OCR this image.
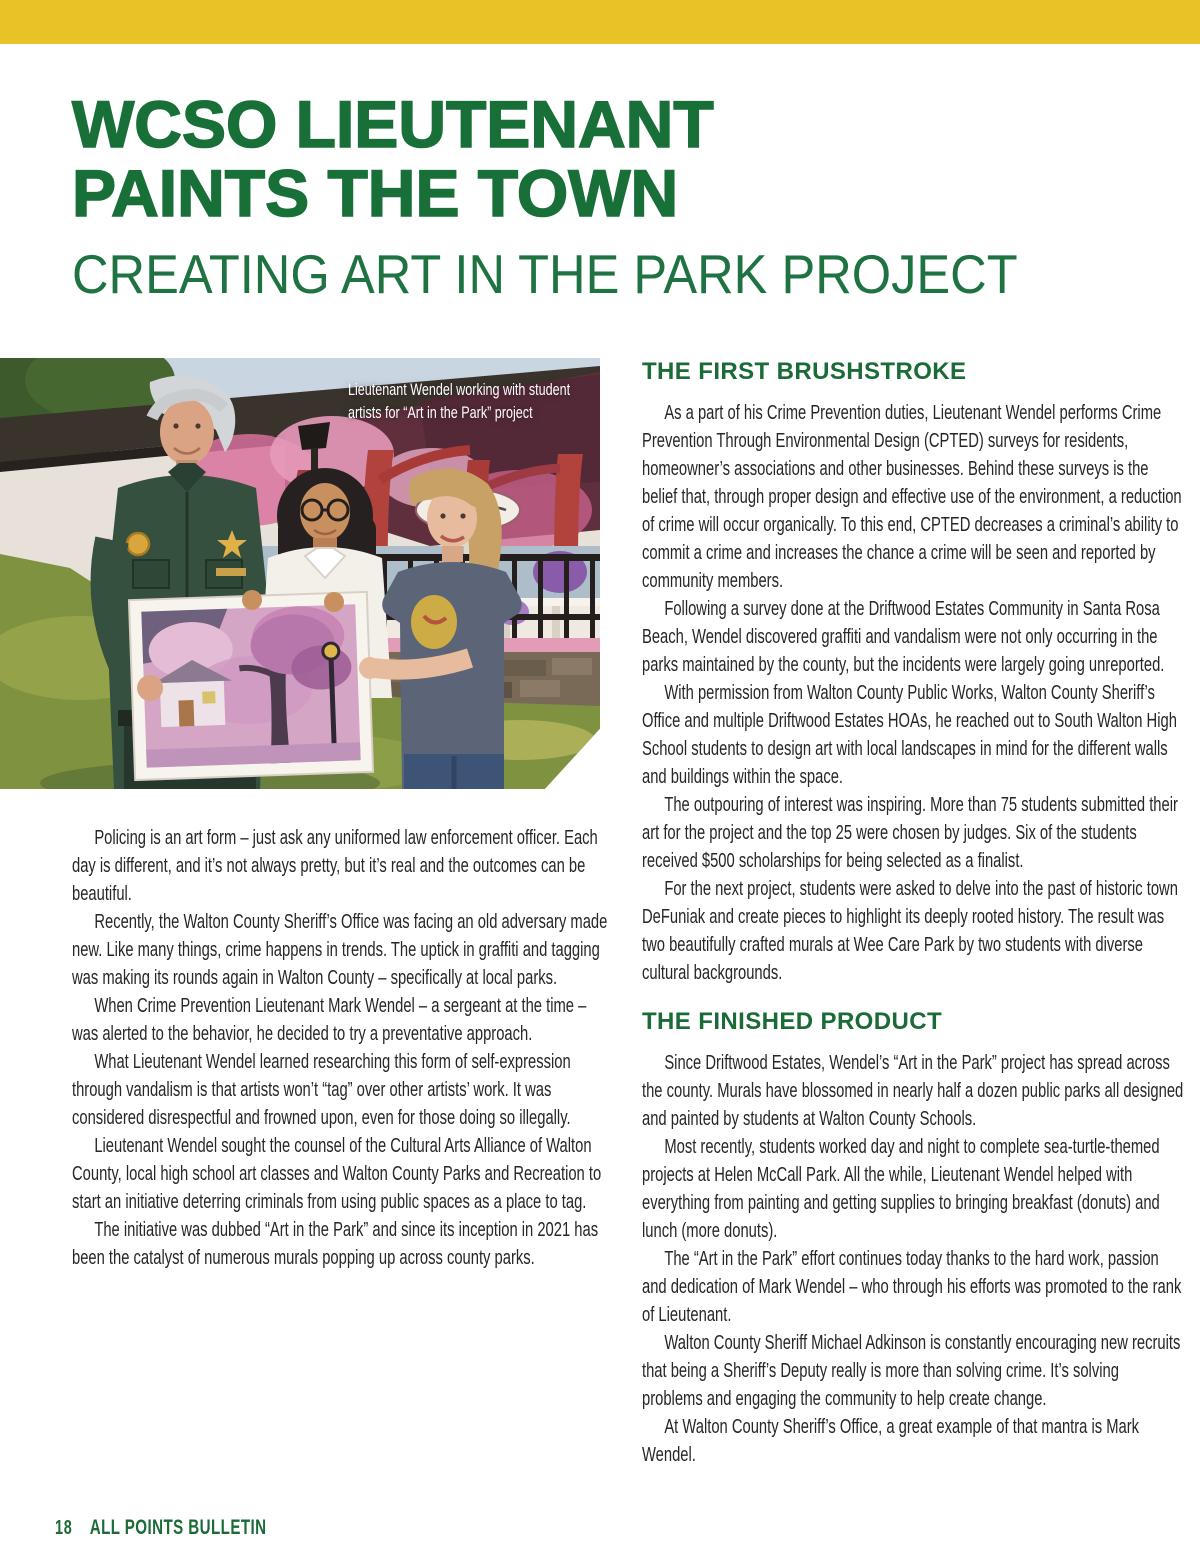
WCSO LIEUTENANT
PAINTS THE TOWN
CREATING ART IN THE PARK PROJECT
Lieutenant Wendel working with student
artists for “Art in the Park” project

Policing is an art form – just ask any uniformed law enforcement officer. Each day is different, and it’s not always pretty, but it’s real and the outcomes can be beautiful.

Recently, the Walton County Sheriff’s Office was facing an old adversary made new. Like many things, crime happens in trends. The uptick in graffiti and tagging was making its rounds again in Walton County – specifically at local parks.

When Crime Prevention Lieutenant Mark Wendel – a sergeant at the time – was alerted to the behavior, he decided to try a preventative approach.

What Lieutenant Wendel learned researching this form of self-expression through vandalism is that artists won’t “tag” over other artists’ work. It was considered disrespectful and frowned upon, even for those doing so illegally.

Lieutenant Wendel sought the counsel of the Cultural Arts Alliance of Walton County, local high school art classes and Walton County Parks and Recreation to start an initiative deterring criminals from using public spaces as a place to tag.

The initiative was dubbed “Art in the Park” and since its inception in 2021 has been the catalyst of numerous murals popping up across county parks.

THE FIRST BRUSHSTROKE

As a part of his Crime Prevention duties, Lieutenant Wendel performs Crime Prevention Through Environmental Design (CPTED) surveys for residents, homeowner’s associations and other businesses. Behind these surveys is the belief that, through proper design and effective use of the environment, a reduction of crime will occur organically. To this end, CPTED decreases a criminal’s ability to commit a crime and increases the chance a crime will be seen and reported by community members.

Following a survey done at the Driftwood Estates Community in Santa Rosa Beach, Wendel discovered graffiti and vandalism were not only occurring in the parks maintained by the county, but the incidents were largely going unreported.

With permission from Walton County Public Works, Walton County Sheriff’s Office and multiple Driftwood Estates HOAs, he reached out to South Walton High School students to design art with local landscapes in mind for the different walls and buildings within the space.

The outpouring of interest was inspiring. More than 75 students submitted their art for the project and the top 25 were chosen by judges. Six of the students received $500 scholarships for being selected as a finalist.

For the next project, students were asked to delve into the past of historic town DeFuniak and create pieces to highlight its deeply rooted history. The result was two beautifully crafted murals at Wee Care Park by two students with diverse cultural backgrounds.

THE FINISHED PRODUCT

Since Driftwood Estates, Wendel’s “Art in the Park” project has spread across the county. Murals have blossomed in nearly half a dozen public parks all designed and painted by students at Walton County Schools.

Most recently, students worked day and night to complete sea-turtle-themed projects at Helen McCall Park. All the while, Lieutenant Wendel helped with everything from painting and getting supplies to bringing breakfast (donuts) and lunch (more donuts).

The “Art in the Park” effort continues today thanks to the hard work, passion and dedication of Mark Wendel – who through his efforts was promoted to the rank of Lieutenant.

Walton County Sheriff Michael Adkinson is constantly encouraging new recruits that being a Sheriff’s Deputy really is more than solving crime. It’s solving problems and engaging the community to help create change.

At Walton County Sheriff’s Office, a great example of that mantra is Mark Wendel.

18 ALL POINTS BULLETIN
